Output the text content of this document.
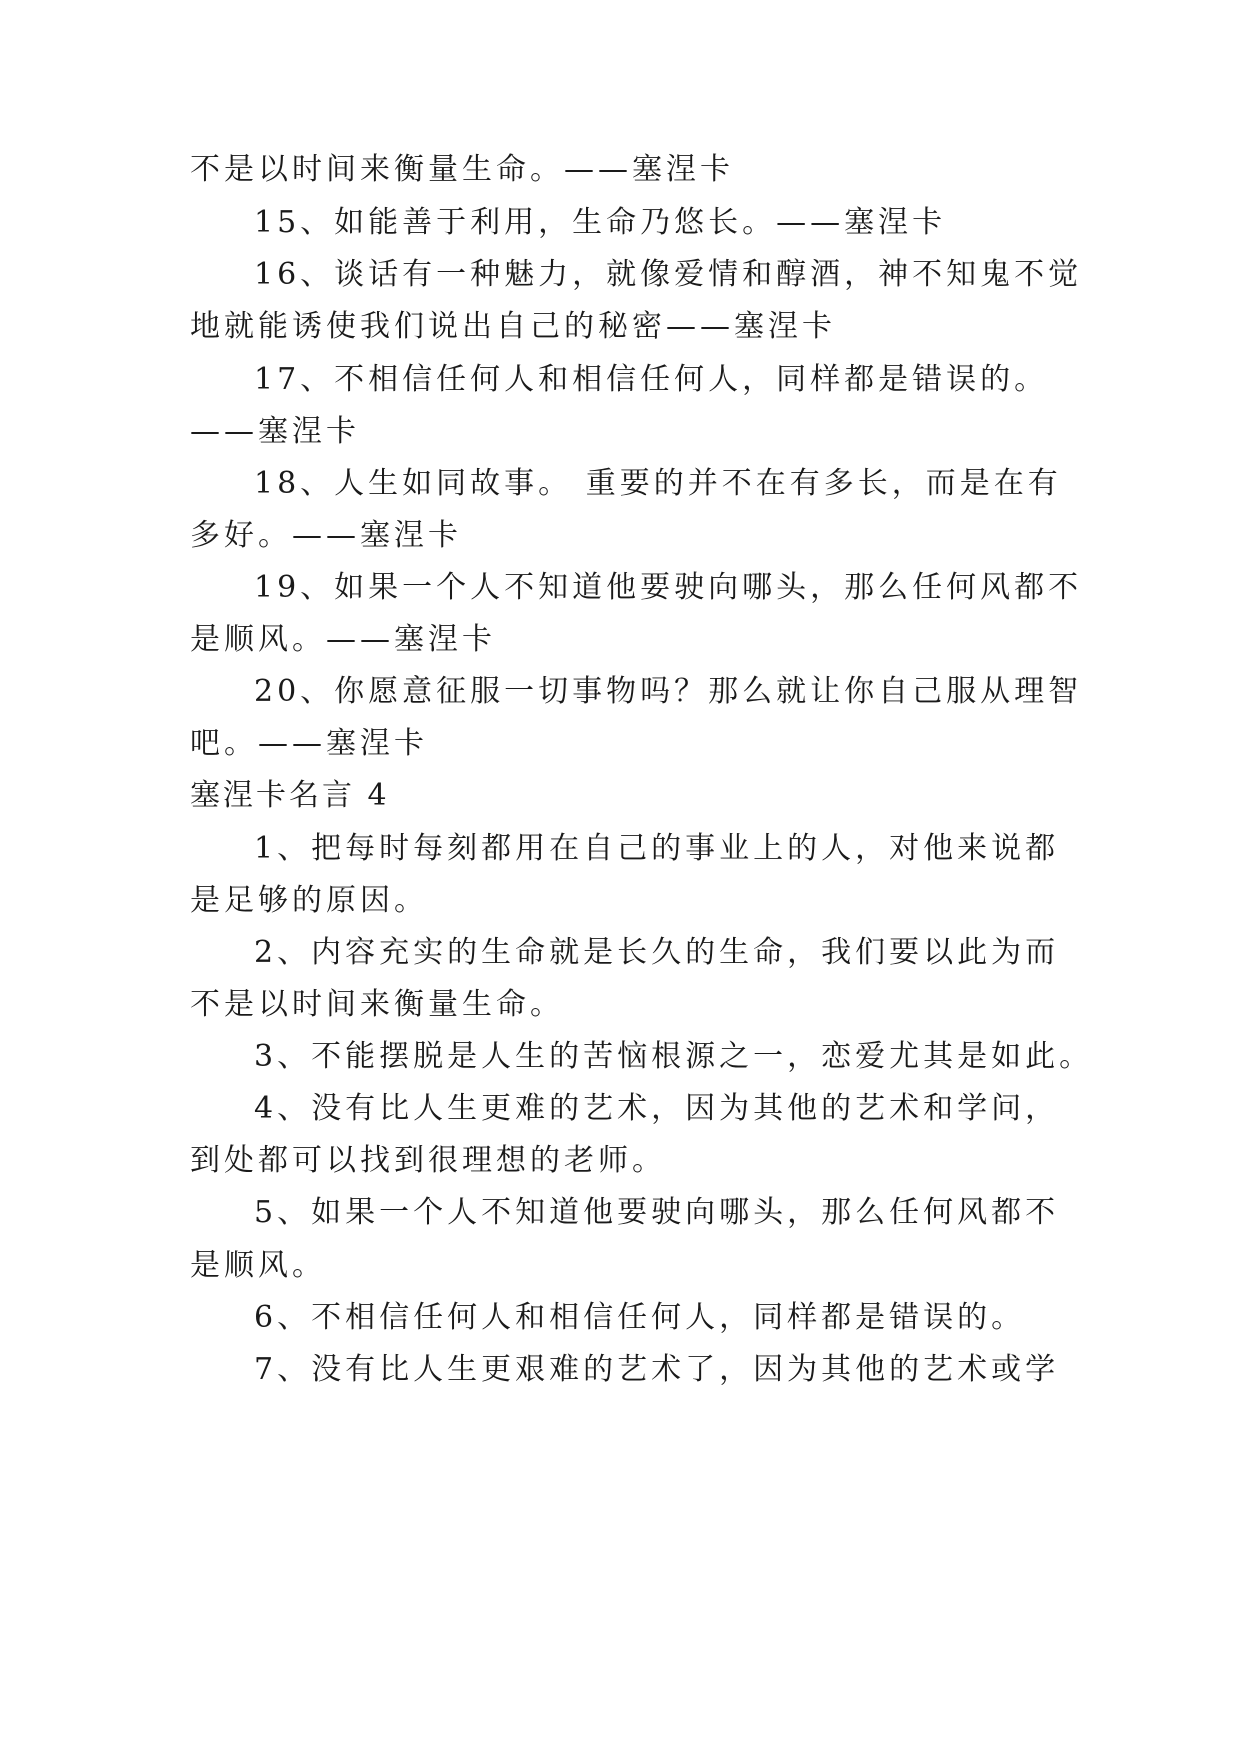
不是以时间来衡量生命。——塞涅卡
15、如能善于利用，生命乃悠长。——塞涅卡
16、谈话有一种魅力，就像爱情和醇酒，神不知鬼不觉
地就能诱使我们说出自己的秘密——塞涅卡
17、不相信任何人和相信任何人，同样都是错误的。
——塞涅卡
18、人生如同故事。 重要的并不在有多长，而是在有
多好。——塞涅卡
19、如果一个人不知道他要驶向哪头，那么任何风都不
是顺风。——塞涅卡
20、你愿意征服一切事物吗？那么就让你自己服从理智
吧。——塞涅卡
塞涅卡名言 4
1、把每时每刻都用在自己的事业上的人，对他来说都
是足够的原因。
2、内容充实的生命就是长久的生命，我们要以此为而
不是以时间来衡量生命。
3、不能摆脱是人生的苦恼根源之一，恋爱尤其是如此。
4、没有比人生更难的艺术，因为其他的艺术和学问，
到处都可以找到很理想的老师。
5、如果一个人不知道他要驶向哪头，那么任何风都不
是顺风。
6、不相信任何人和相信任何人，同样都是错误的。
7、没有比人生更艰难的艺术了，因为其他的艺术或学
